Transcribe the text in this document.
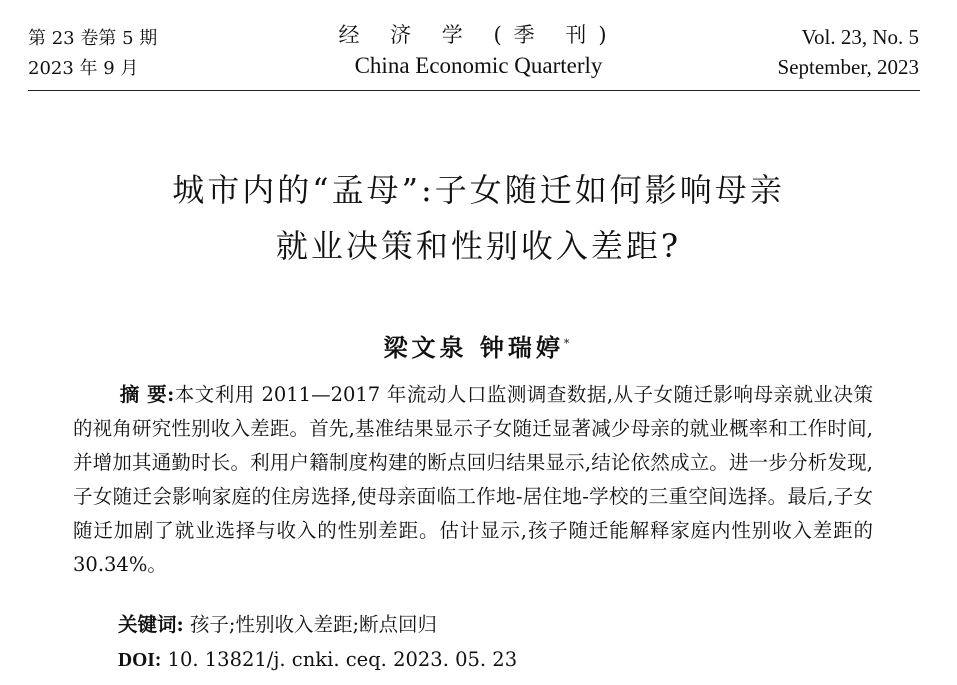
第 23 卷第 5 期
2023 年 9 月
经 济 学 (季 刊)
China Economic Quarterly
Vol. 23, No. 5
September, 2023
城市内的“孟母”:子女随迁如何影响母亲
就业决策和性别收入差距?
梁文泉 钟瑞婷*

摘 要:本文利用 2011—2017 年流动人口监测调查数据,从子女随迁影响母亲就业决策的视角研究性别收入差距。首先,基准结果显示子女随迁显著减少母亲的就业概率和工作时间,并增加其通勤时长。利用户籍制度构建的断点回归结果显示,结论依然成立。进一步分析发现,子女随迁会影响家庭的住房选择,使母亲面临工作地-居住地-学校的三重空间选择。最后,子女随迁加剧了就业选择与收入的性别差距。估计显示,孩子随迁能解释家庭内性别收入差距的 30.34%。

关键词: 孩子;性别收入差距;断点回归
DOI: 10. 13821/j. cnki. ceq. 2023. 05. 23
